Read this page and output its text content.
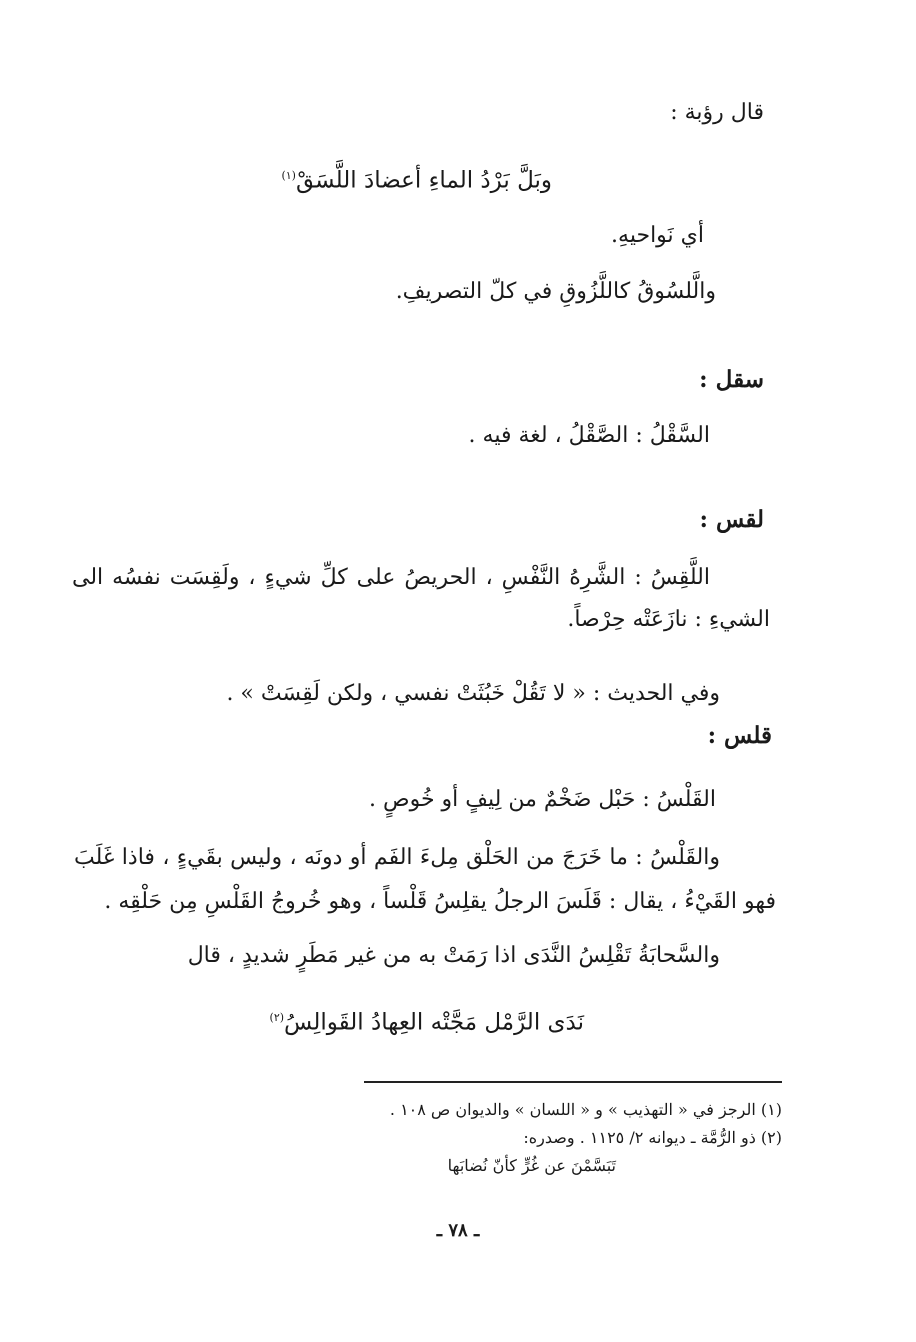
قال رؤبة :
وبَلَّ بَرْدُ الماءِ أعضادَ اللَّسَقْ$^{(١)}$
أي نَواحيهِ.
والَّلسُوقُ كاللَّزُوقِ في كلّ التصريفِ.
سقل :
السَّقْلُ : الصَّقْلُ ، لغة فيه .
لقس :
اللَّقِسُ : الشَّرِهُ النَّفْسِ ، الحريصُ على كلِّ شيءٍ ، ولَقِسَت نفسُه الى
الشيءِ : نازَعَتْه حِرْصاً.
وفي الحديث : « لا تَقُلْ خَبُثَتْ نفسي ، ولكن لَقِسَتْ » .
قلس :
القَلْسُ : حَبْل ضَخْمٌ من لِيفٍ أو خُوصٍ .
والقَلْسُ : ما خَرَجَ من الحَلْق مِلءَ الفَم أو دونَه ، وليس بقَيءٍ ، فاذا غَلَبَ
فهو القَيْءُ ، يقال : قَلَسَ الرجلُ يقلِسُ قَلْساً ، وهو خُروجُ القَلْسِ مِن حَلْقِه .
والسَّحابَةُ تَقْلِسُ النَّدَى اذا رَمَتْ به من غير مَطَرٍ شديدٍ ، قال
نَدَى الرَّمْل مَجَّتْه العِهادُ القَوالِسُ$^{(٢)}$
(١) الرجز في « التهذيب » و « اللسان » والديوان ص ١٠٨ .
(٢) ذو الرُّمَّة ـ ديوانه ٢/ ١١٢٥ . وصدره:
تَبَسَّمْنَ عن غُرٍّ كأنّ نُضابَها
ـ ٧٨ ـ
